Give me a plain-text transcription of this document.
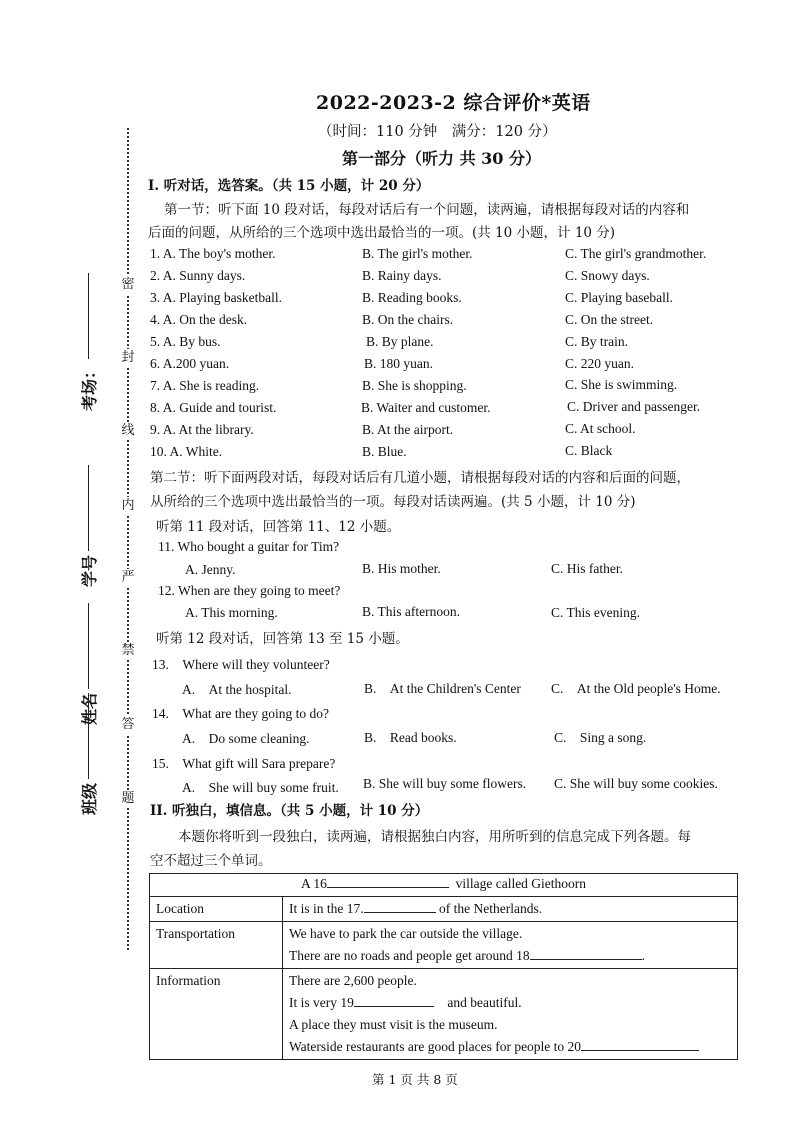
密
封
线
内
严
禁
答
题
考场：
学号
姓名
班级
2022-2023-2 综合评价*英语
（时间：110 分钟　满分：120 分）
第一部分（听力 共 30 分）
I. 听对话，选答案。（共 15 小题，计 20 分）
第一节：听下面 10 段对话，每段对话后有一个问题，读两遍，请根据每段对话的内容和
后面的问题，从所给的三个选项中选出最恰当的一项。(共 10 小题，计 10 分)
1. A. The boy's mother.	B. The girl's mother.	C. The girl's grandmother.
2. A. Sunny days.	B. Rainy days.	C. Snowy days.
3. A. Playing basketball.	B. Reading books.	C. Playing baseball.
4. A. On the desk.	B. On the chairs.	C. On the street.
5. A. By bus.	B. By plane.	C. By train.
6. A.200 yuan.	B. 180 yuan.	C. 220 yuan.
7. A. She is reading.	B. She is shopping.	C. She is swimming.
8. A. Guide and tourist.	B. Waiter and customer.	C. Driver and passenger.
9. A. At the library.	B. At the airport.	C. At school.
10. A. White.	B. Blue.	C. Black
第二节：听下面两段对话，每段对话后有几道小题，请根据每段对话的内容和后面的问题，
从所给的三个选项中选出最恰当的一项。每段对话读两遍。(共 5 小题，计 10 分)
听第 11 段对话，回答第 11、12 小题。
11. Who bought a guitar for Tim?
A. Jenny.	B. His mother.	C. His father.
12. When are they going to meet?
A. This morning.	B. This afternoon.	C. This evening.
听第 12 段对话，回答第 13 至 15 小题。
13.　Where will they volunteer?
A.　At the hospital.	B.　At the Children's Center C.　At the Old people's Home.
14.　What are they going to do?
A.　Do some cleaning.	B.　Read books.	C.　Sing a song.
15.　What gift will Sara prepare?
A.　She will buy some fruit. B. She will buy some flowers. C. She will buy some cookies.
II. 听独白，填信息。（共 5 小题，计 10 分）
本题你将听到一段独白，读两遍，请根据独白内容，用所听到的信息完成下列各题。每
空不超过三个单词。
A 16 village called Giethoorn	
Location	It is in the 17. of the Netherlands.
Transportation	We have to park the car outside the village.
There are no roads and people get around 18 .

Information	There are 2,600 people.
It is very 19 and beautiful.
A place they must visit is the museum.
Waterside restaurants are good places for people to 20
第 1 页 共 8 页
